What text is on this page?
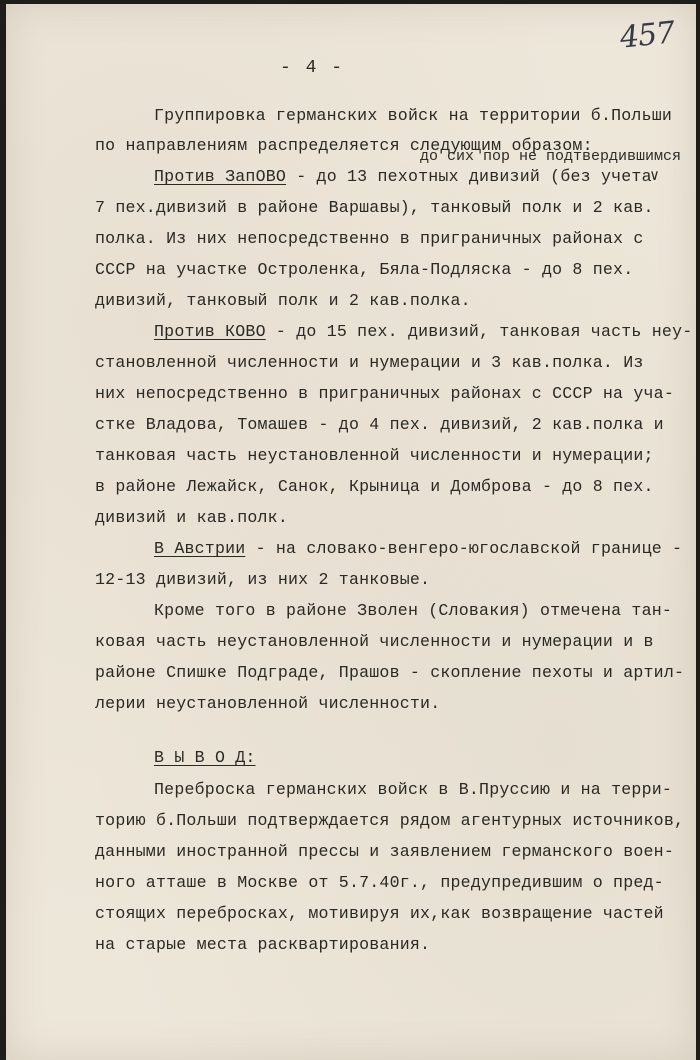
457
- 4 -
Группировка германских войск на территории б.Польши
по направлениям распределяется следующим образом:
до сих пор не подтвердившимся
∨
Против ЗапОВО - до 13 пехотных дивизий (без учета
7 пех.дивизий в районе Варшавы), танковый полк и 2 кав.
полка. Из них непосредственно в приграничных районах с
СССР на участке Остроленка, Бяла-Подляска - до 8 пех.
дивизий, танковый полк и 2 кав.полка.
Против КОВО - до 15 пех. дивизий, танковая часть неу-
становленной численности и нумерации и 3 кав.полка. Из
них непосредственно в приграничных районах с СССР на уча-
стке Владова, Томашев - до 4 пех. дивизий, 2 кав.полка и
танковая часть неустановленной численности и нумерации;
в районе Лежайск, Санок, Крыница и Домброва - до 8 пех.
дивизий и кав.полк.
В Австрии - на словако-венгеро-югославской границе -
12-13 дивизий, из них 2 танковые.
Кроме того в районе Зволен (Словакия) отмечена тан-
ковая часть неустановленной численности и нумерации и в
районе Спишке Подграде, Прашов - скопление пехоты и артил-
лерии неустановленной численности.
В Ы В О Д:
Переброска германских войск в В.Пруссию и на терри-
торию б.Польши подтверждается рядом агентурных источников,
данными иностранной прессы и заявлением германского воен-
ного атташе в Москве от 5.7.40г., предупредившим о пред-
стоящих перебросках, мотивируя их,как возвращение частей
на старые места расквартирования.
